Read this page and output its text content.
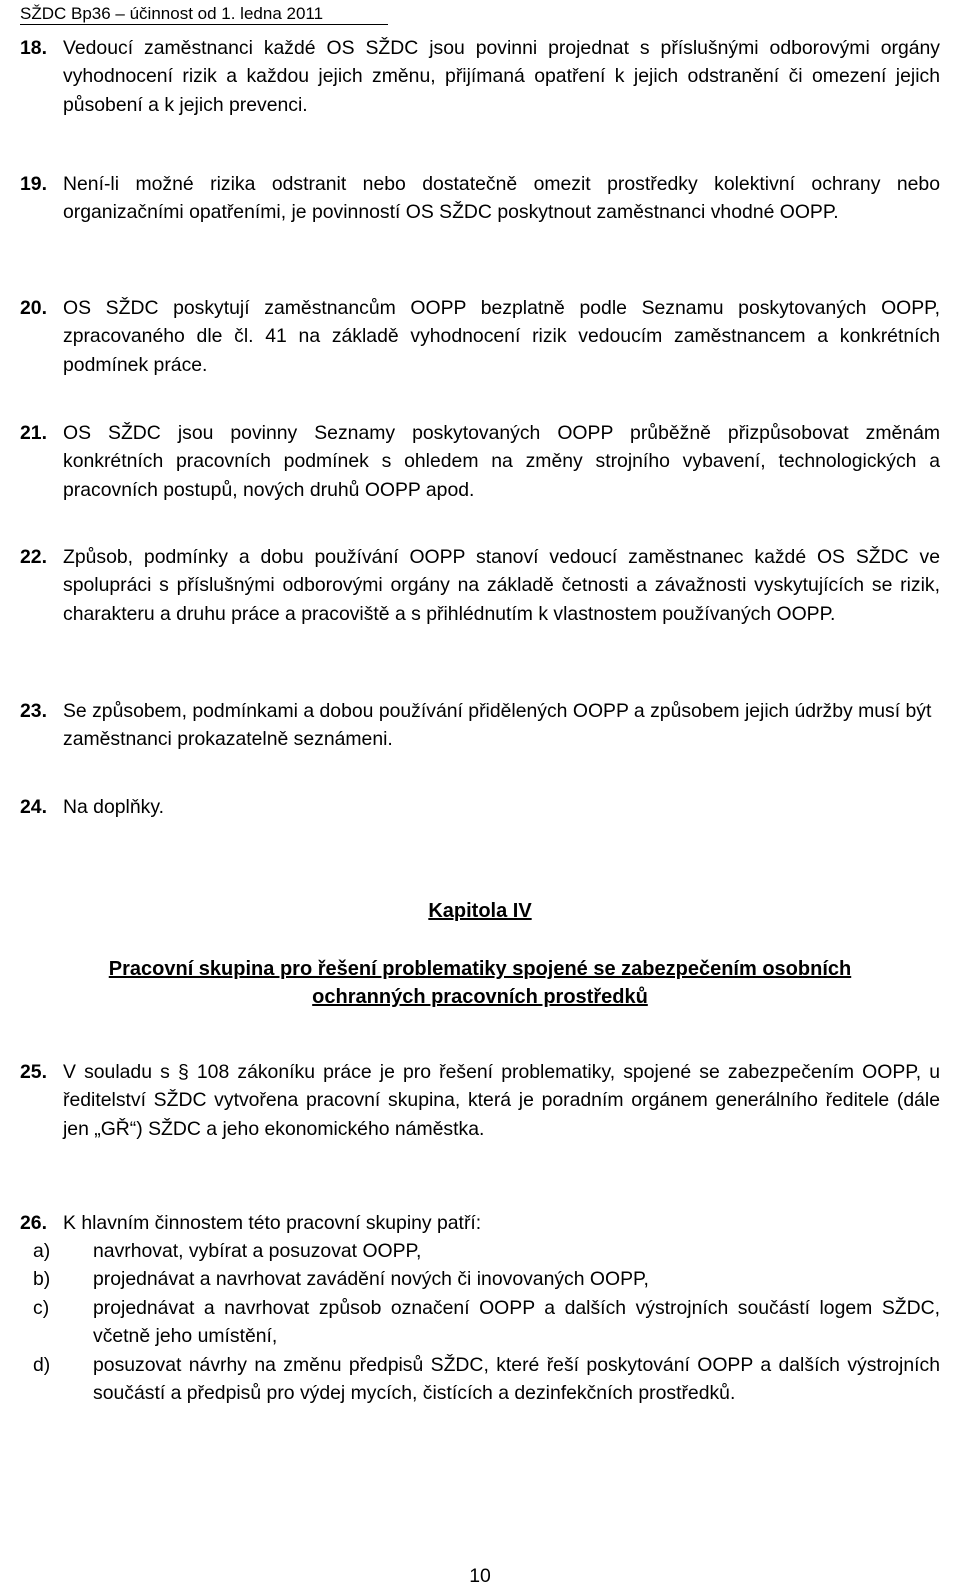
SŽDC Bp36 – účinnost od 1. ledna 2011
18. Vedoucí zaměstnanci každé OS SŽDC jsou povinni projednat s příslušnými odborovými orgány vyhodnocení rizik a každou jejich změnu, přijímaná opatření k jejich odstranění či omezení jejich působení a k jejich prevenci.
19. Není-li možné rizika odstranit nebo dostatečně omezit prostředky kolektivní ochrany nebo organizačními opatřeními, je povinností OS SŽDC poskytnout zaměstnanci vhodné OOPP.
20. OS SŽDC poskytují zaměstnancům OOPP bezplatně podle Seznamu poskytovaných OOPP, zpracovaného dle čl. 41 na základě vyhodnocení rizik vedoucím zaměstnancem a konkrétních podmínek práce.
21. OS SŽDC jsou povinny Seznamy poskytovaných OOPP průběžně přizpůsobovat změnám konkrétních pracovních podmínek s ohledem na změny strojního vybavení, technologických a pracovních postupů, nových druhů OOPP apod.
22. Způsob, podmínky a dobu používání OOPP stanoví vedoucí zaměstnanec každé OS SŽDC ve spolupráci s příslušnými odborovými orgány na základě četnosti a závažnosti vyskytujících se rizik, charakteru a druhu práce a pracoviště a s přihlédnutím k vlastnostem používaných OOPP.
23. Se způsobem, podmínkami a dobou používání přidělených OOPP a způsobem jejich údržby musí být zaměstnanci prokazatelně seznámeni.
24. Na doplňky.
Kapitola IV
Pracovní skupina pro řešení problematiky spojené se zabezpečením osobních
ochranných pracovních prostředků
25. V souladu s § 108 zákoníku práce je pro řešení problematiky, spojené se zabezpečením OOPP, u ředitelství SŽDC vytvořena pracovní skupina, která je poradním orgánem generálního ředitele (dále jen „GŘ“) SŽDC a jeho ekonomického náměstka.
26. K hlavním činnostem této pracovní skupiny patří:
a) navrhovat, vybírat a posuzovat OOPP,
b) projednávat a navrhovat zavádění nových či inovovaných OOPP,
c) projednávat a navrhovat způsob označení OOPP a dalších výstrojních součástí logem SŽDC, včetně jeho umístění,
d) posuzovat návrhy na změnu předpisů SŽDC, které řeší poskytování OOPP a dalších výstrojních součástí a předpisů pro výdej mycích, čistících a dezinfekčních prostředků.
10
